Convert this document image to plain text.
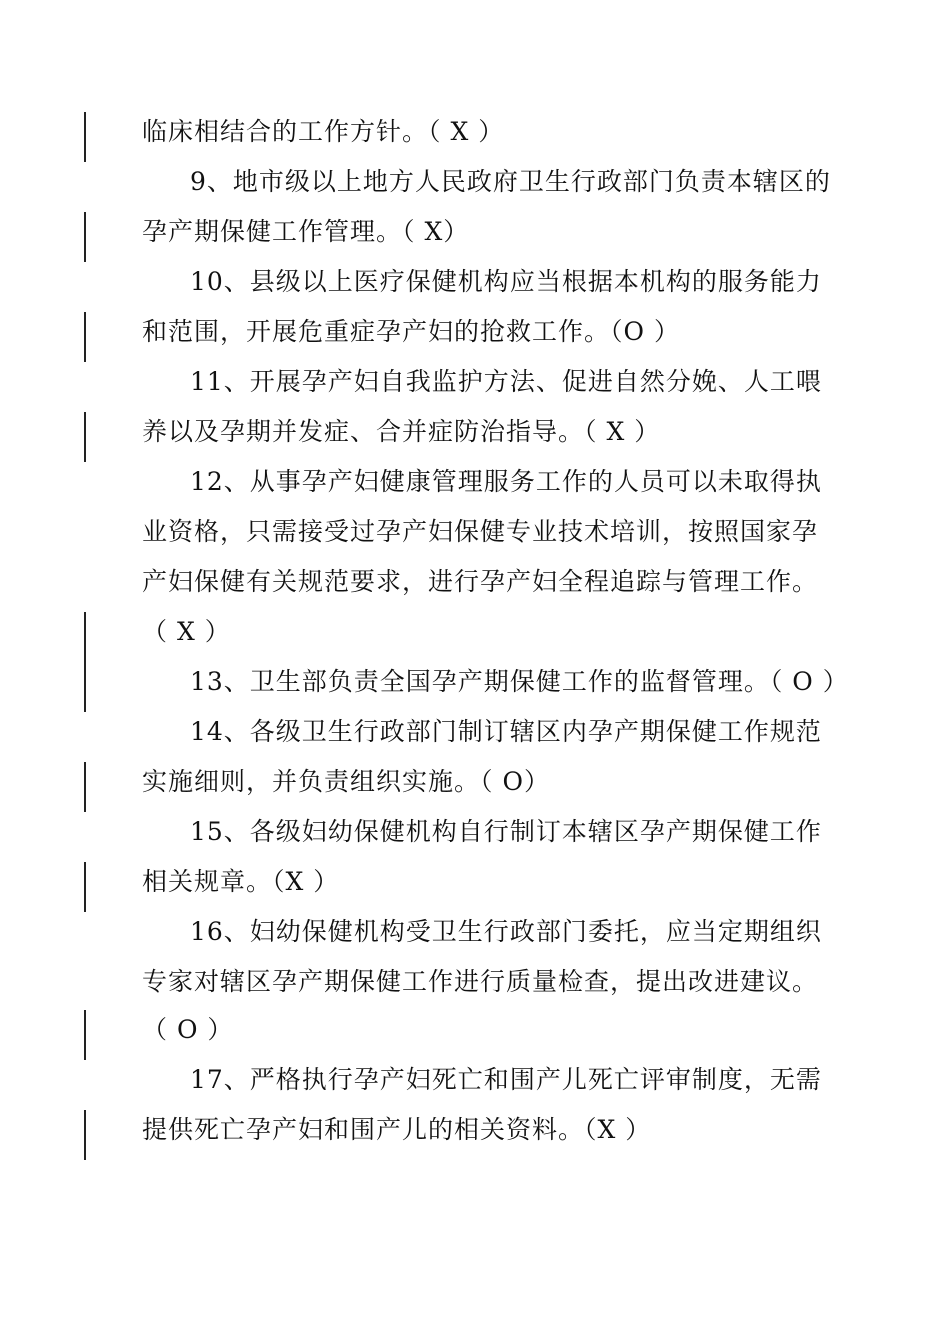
临床相结合的工作方针。（ X ）
9、地市级以上地方人民政府卫生行政部门负责本辖区的
孕产期保健工作管理。（ X）
10、县级以上医疗保健机构应当根据本机构的服务能力
和范围，开展危重症孕产妇的抢救工作。（O ）
11、开展孕产妇自我监护方法、促进自然分娩、人工喂
养以及孕期并发症、合并症防治指导。（ X ）
12、从事孕产妇健康管理服务工作的人员可以未取得执
业资格，只需接受过孕产妇保健专业技术培训，按照国家孕
产妇保健有关规范要求，进行孕产妇全程追踪与管理工作。
（ X ）
13、卫生部负责全国孕产期保健工作的监督管理。（ O ）
14、各级卫生行政部门制订辖区内孕产期保健工作规范
实施细则，并负责组织实施。（ O）
15、各级妇幼保健机构自行制订本辖区孕产期保健工作
相关规章。（X ）
16、妇幼保健机构受卫生行政部门委托，应当定期组织
专家对辖区孕产期保健工作进行质量检查，提出改进建议。
（ O ）
17、严格执行孕产妇死亡和围产儿死亡评审制度，无需
提供死亡孕产妇和围产儿的相关资料。（X ）
